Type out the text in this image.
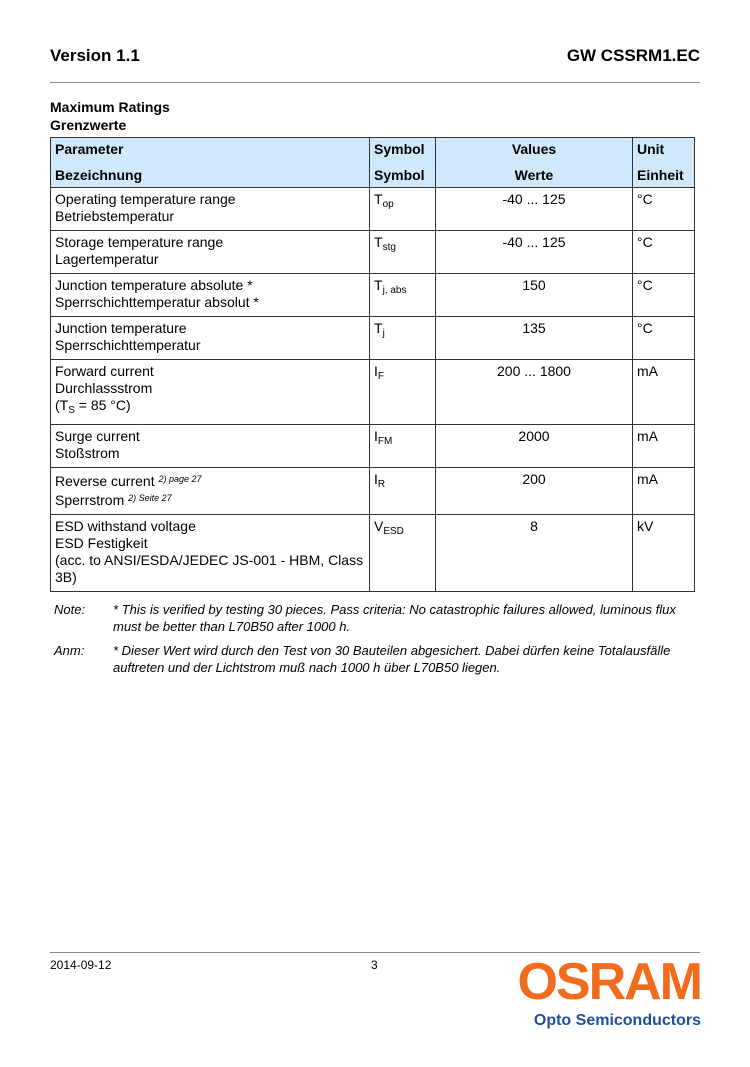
Version 1.1	GW CSSRM1.EC
Maximum Ratings
Grenzwerte
Parameter	Symbol	Values	Unit
Bezeichnung	Symbol	Werte	Einheit

Operating temperature range
Betriebstemperatur	$T_{op}$	-40 ... 125	°C

Storage temperature range
Lagertemperatur	$T_{stg}$	-40 ... 125	°C

Junction temperature absolute *
Sperrschichttemperatur absolut *	$T_{j, abs}$	150	°C

Junction temperature
Sperrschichttemperatur	$T_j$	135	°C

Forward current
Durchlassstrom
($T_S = 85$ °C)	$I_F$	200 ... 1800	mA

Surge current
Stoßstrom	$I_{FM}$	2000	mA

Reverse current $^{2) page 27}$
Sperrstrom $^{2) Seite 27}$	$I_R$	200	mA

ESD withstand voltage
ESD Festigkeit
(acc. to ANSI/ESDA/JEDEC JS-001 - HBM, Class 3B)	$V_{ESD}$	8	kV
Note:	* This is verified by testing 30 pieces. Pass criteria: No catastrophic failures allowed, luminous flux must be better than L70B50 after 1000 h.
Anm:	* Dieser Wert wird durch den Test von 30 Bauteilen abgesichert. Dabei dürfen keine Totalausfälle auftreten und der Lichtstrom muß nach 1000 h über L70B50 liegen.
2014-09-12	3	OSRAM
Opto Semiconductors
